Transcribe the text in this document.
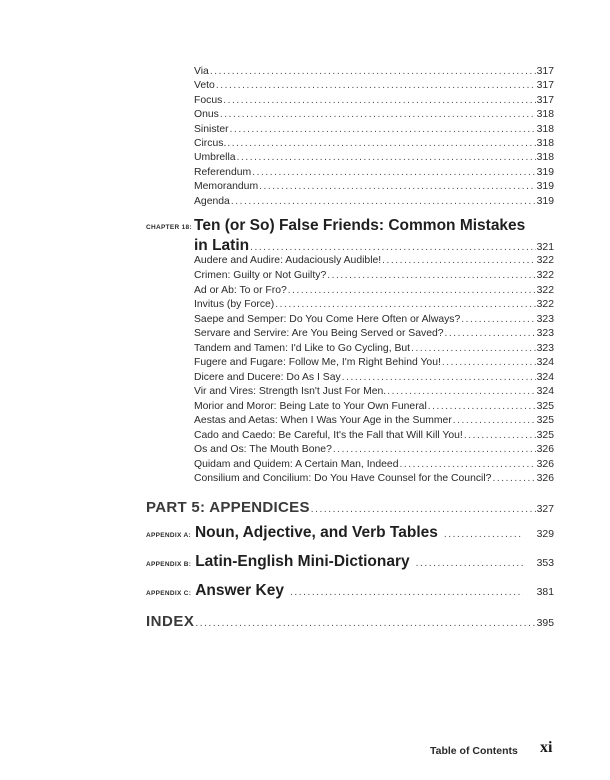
Via .....	317
Veto .....	317
Focus .....	317
Onus .....	318
Sinister .....	318
Circus. .....	318
Umbrella .....	318
Referendum .....	319
Memorandum .....	319
Agenda .....	319
CHAPTER 18: Ten (or So) False Friends: Common Mistakes
in Latin .....	321
Audere and Audire: Audaciously Audible! .....	322
Crimen: Guilty or Not Guilty? .....	322
Ad or Ab: To or Fro? .....	322
Invitus (by Force) .....	322
Saepe and Semper: Do You Come Here Often or Always? .....	323
Servare and Servire: Are You Being Served or Saved? .....	323
Tandem and Tamen: I'd Like to Go Cycling, But .....	323
Fugere and Fugare: Follow Me, I'm Right Behind You! .....	324
Dicere and Ducere: Do As I Say .....	324
Vir and Vires: Strength Isn't Just For Men. .....	324
Morior and Moror: Being Late to Your Own Funeral .....	325
Aestas and Aetas: When I Was Your Age in the Summer .....	325
Cado and Caedo: Be Careful, It's the Fall that Will Kill You! .....	325
Os and Os: The Mouth Bone? .....	326
Quidam and Quidem: A Certain Man, Indeed .....	326
Consilium and Concilium: Do You Have Counsel for the Council? .....	326
PART 5: APPENDICES .....	327
APPENDIX A: Noun, Adjective, and Verb Tables .....	329
APPENDIX B: Latin-English Mini-Dictionary .....	353
APPENDIX C: Answer Key .....	381
INDEX .....	395
Table of Contents xi
